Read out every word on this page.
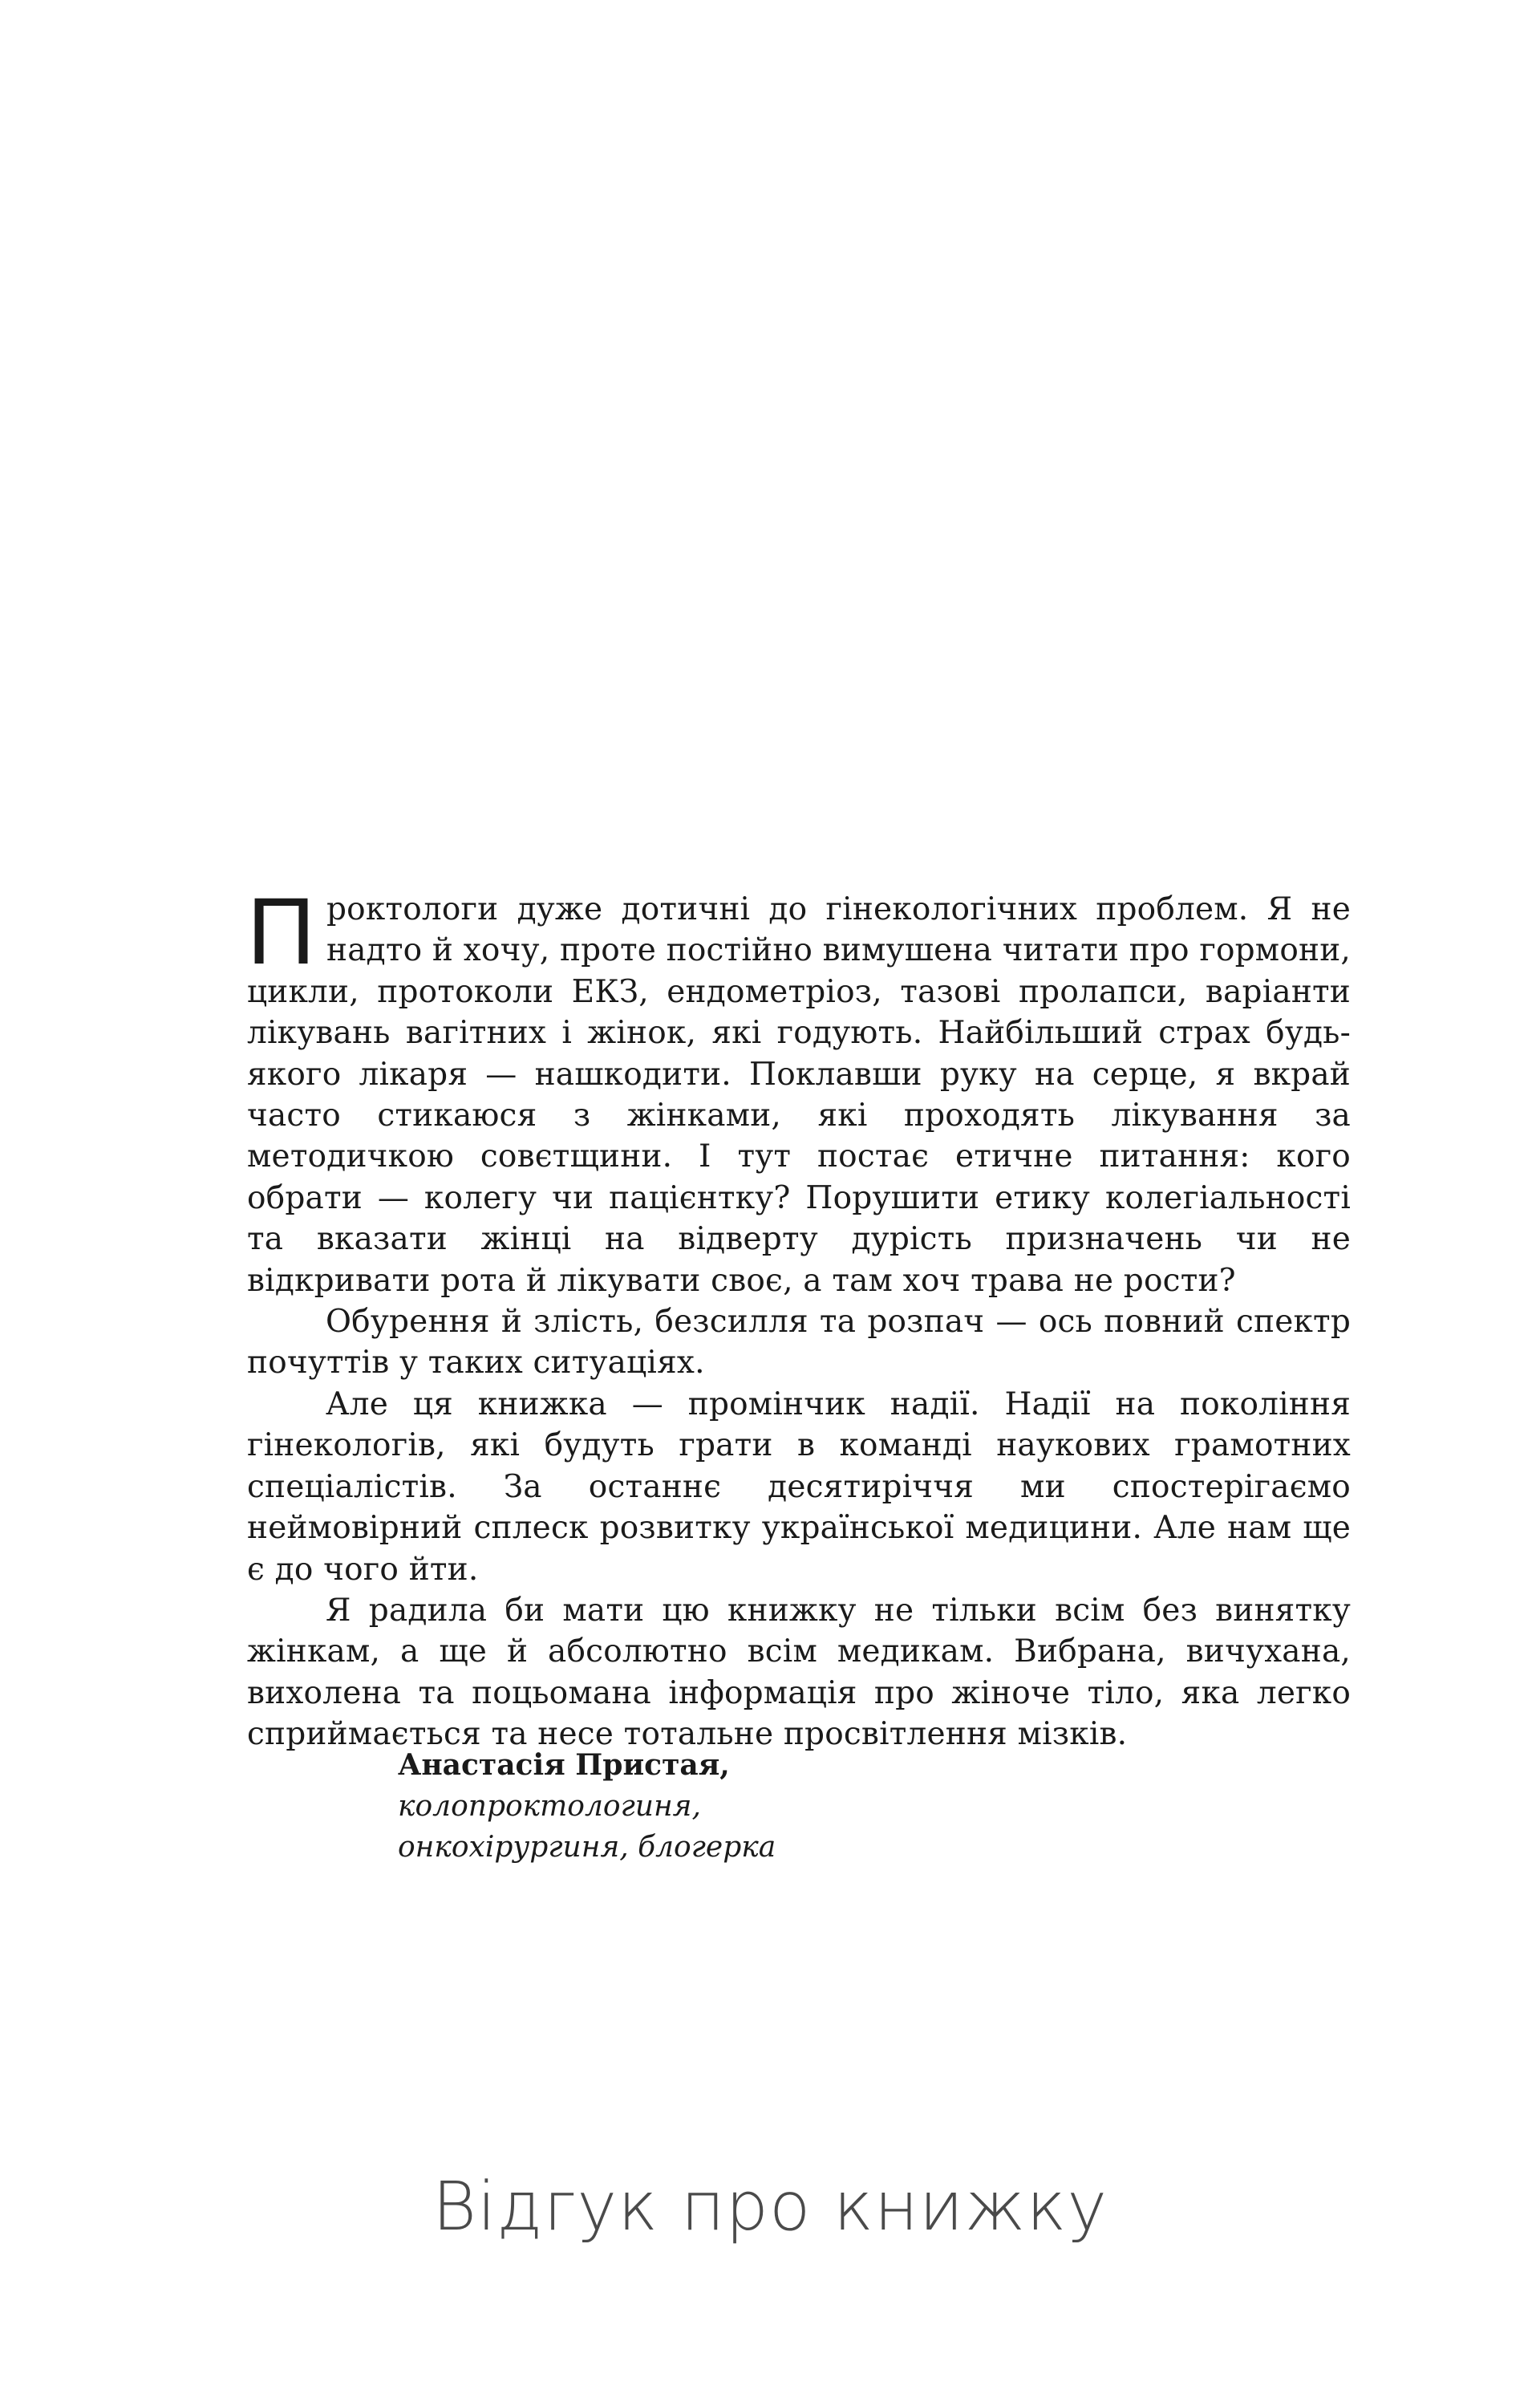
Проктологи дуже дотичні до гінекологічних проблем. Я не надто й хочу, проте постійно вимушена читати про гормони, цикли, протоколи ЕКЗ, ендометріоз, тазові пролапси, варіанти лікувань вагітних і жінок, які годують. Найбільший страх будь-якого лікаря — нашкодити. Поклавши руку на серце, я вкрай часто стикаюся з жінками, які проходять лікування за методичкою совєтщини. І тут постає етичне питання: кого обрати — колегу чи пацієнтку? Порушити етику колегіальності та вказати жінці на відверту дурість призначень чи не відкривати рота й лікувати своє, а там хоч трава не рости?

Обурення й злість, безсилля та розпач — ось повний спектр почуттів у таких ситуаціях.

Але ця книжка — промінчик надії. Надії на покоління гінекологів, які будуть грати в команді наукових грамотних спеціалістів. За останнє десятиріччя ми спостерігаємо неймовірний сплеск розвитку української медицини. Але нам ще є до чого йти.

Я радила би мати цю книжку не тільки всім без винятку жінкам, а ще й абсолютно всім медикам. Вибрана, вичухана, вихолена та поцьомана інформація про жіноче тіло, яка легко сприймається та несе тотальне просвітлення мізків.

Анастасія Пристая,
колопроктологиня,
онкохірургиня, блогерка
Відгук про книжку
